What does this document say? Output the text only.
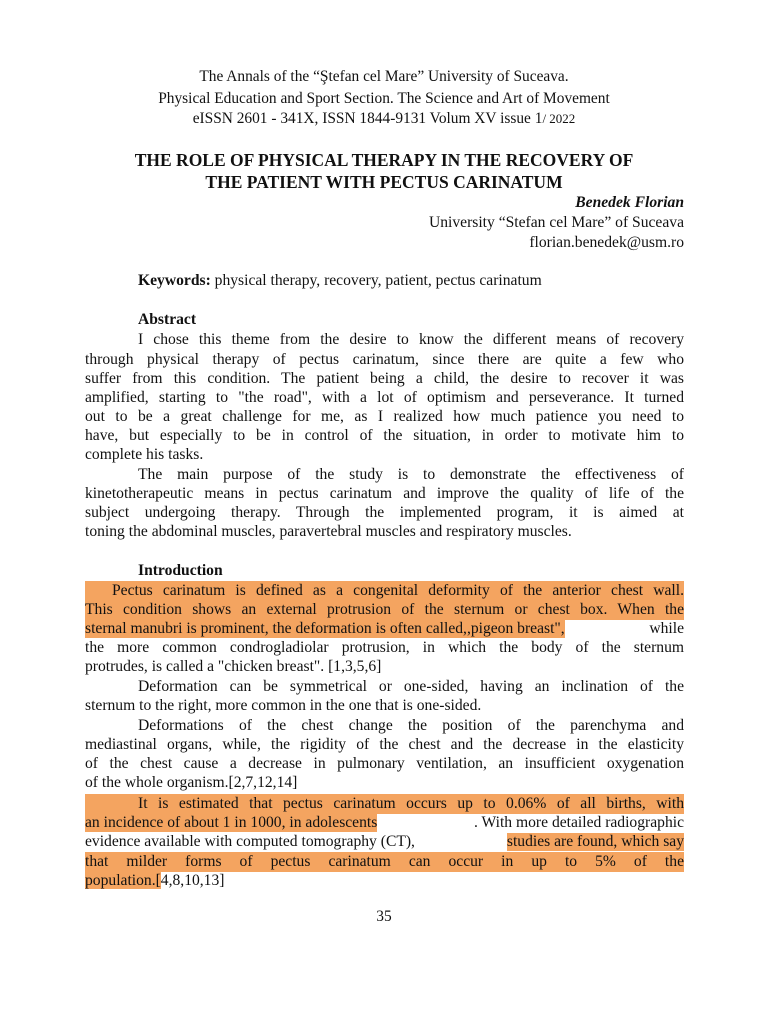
The Annals of the “Ştefan cel Mare” University of Suceava.
Physical Education and Sport Section. The Science and Art of Movement
eISSN 2601 - 341X, ISSN 1844-9131 Volum XV issue 1/ 2022
THE ROLE OF PHYSICAL THERAPY IN THE RECOVERY OF
THE PATIENT WITH PECTUS CARINATUM
Benedek Florian
University “Stefan cel Mare” of Suceava
florian.benedek@usm.ro
Keywords: physical therapy, recovery, patient, pectus carinatum
Abstract
I chose this theme from the desire to know the different means of recovery
through physical therapy of pectus carinatum, since there are quite a few who
suffer from this condition. The patient being a child, the desire to recover it was
amplified, starting to "the road", with a lot of optimism and perseverance. It turned
out to be a great challenge for me, as I realized how much patience you need to
have, but especially to be in control of the situation, in order to motivate him to
complete his tasks.
The main purpose of the study is to demonstrate the effectiveness of
kinetotherapeutic means in pectus carinatum and improve the quality of life of the
subject undergoing therapy. Through the implemented program, it is aimed at
toning the abdominal muscles, paravertebral muscles and respiratory muscles.
Introduction
Pectus carinatum is defined as a congenital deformity of the anterior chest wall.
This condition shows an external protrusion of the sternum or chest box. When the
sternal manubri is prominent, the deformation is often called,,pigeon breast",	while
the more common condrogladiolar protrusion, in which the body of the sternum
protrudes, is called a "chicken breast". [1,3,5,6]
Deformation can be symmetrical or one-sided, having an inclination of the
sternum to the right, more common in the one that is one-sided.
Deformations of the chest change the position of the parenchyma and
mediastinal organs, while, the rigidity of the chest and the decrease in the elasticity
of the chest cause a decrease in pulmonary ventilation, an insufficient oxygenation
of the whole organism.[2,7,12,14]
It is estimated that pectus carinatum occurs up to 0.06% of all births, with
an incidence of about 1 in 1000, in adolescents	. With more detailed radiographic
evidence available with computed tomography (CT),	studies are found, which say
that milder forms of pectus carinatum can occur in up to 5% of the
population.[4,8,10,13]
35
